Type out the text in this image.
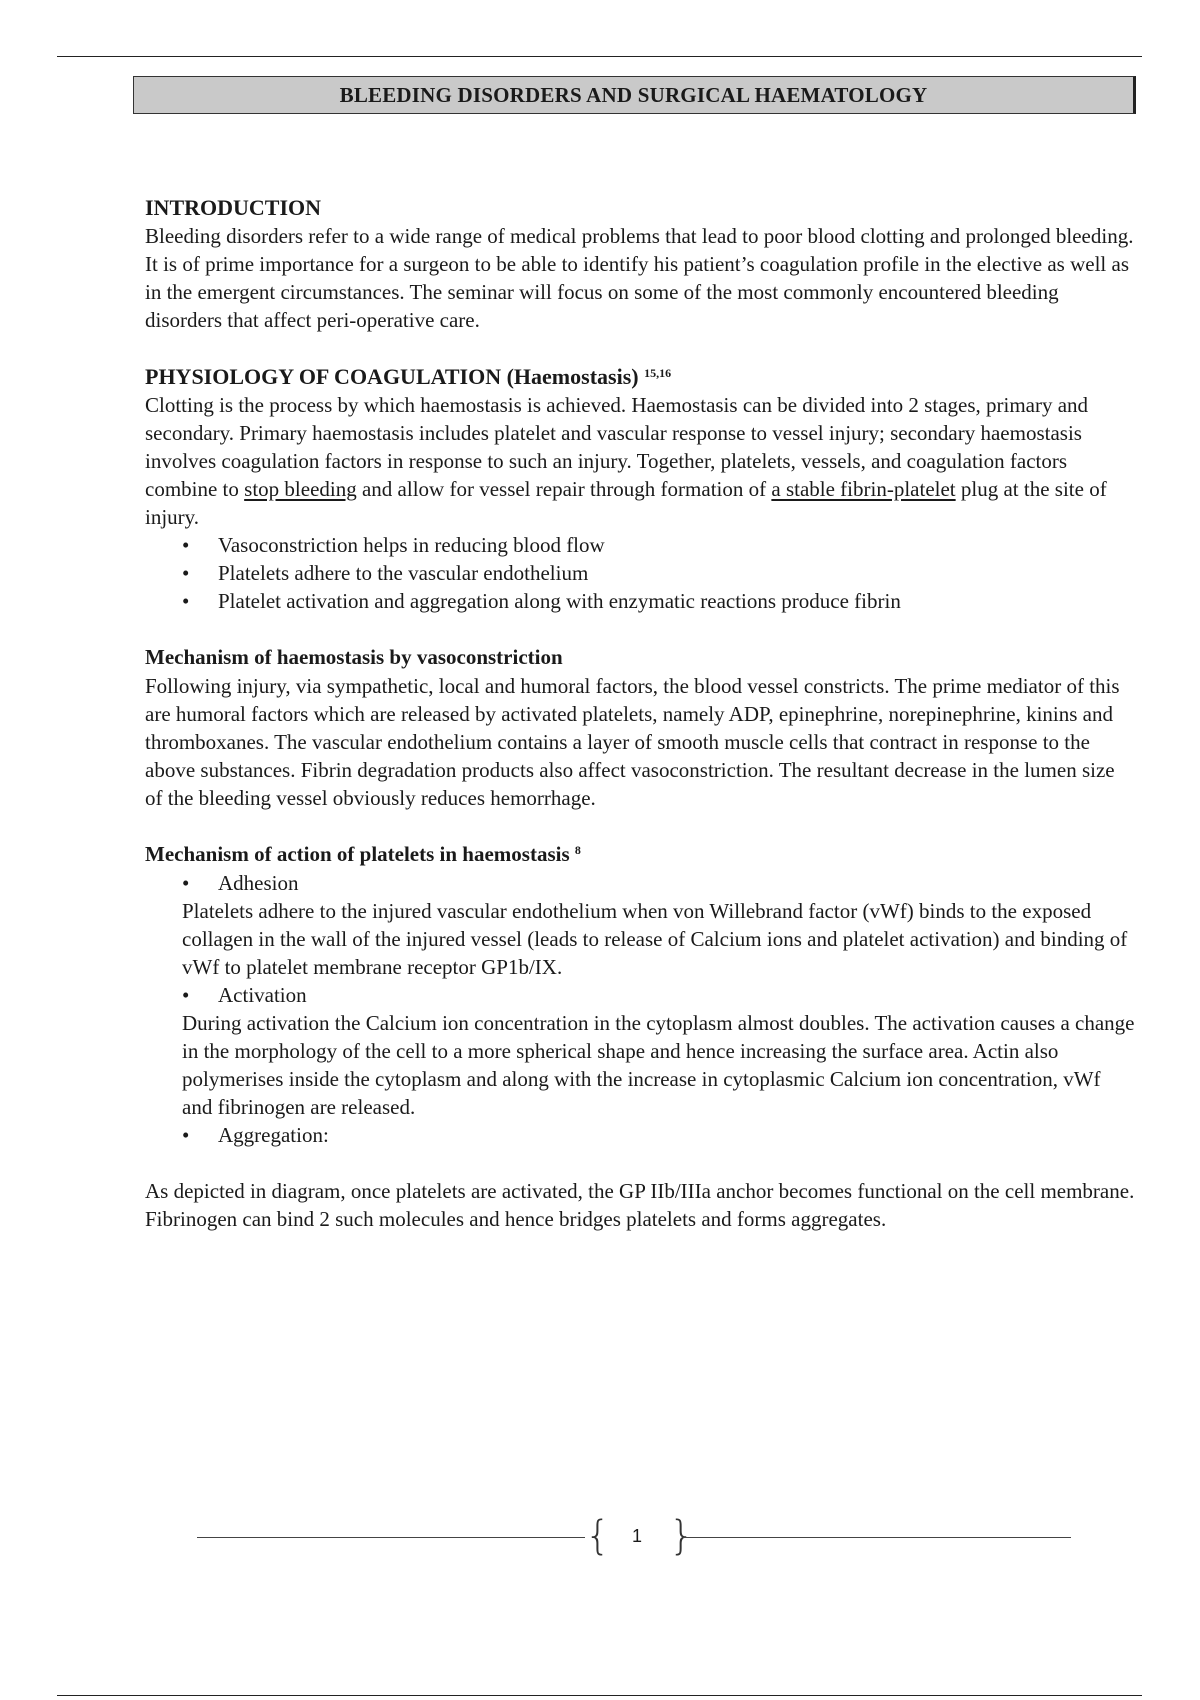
BLEEDING DISORDERS AND SURGICAL HAEMATOLOGY
INTRODUCTION

Bleeding disorders refer to a wide range of medical problems that lead to poor blood clotting and prolonged bleeding. It is of prime importance for a surgeon to be able to identify his patient’s coagulation profile in the elective as well as in the emergent circumstances. The seminar will focus on some of the most commonly encountered bleeding disorders that affect peri-operative care.

PHYSIOLOGY OF COAGULATION (Haemostasis) $^{15,16}$

Clotting is the process by which haemostasis is achieved. Haemostasis can be divided into 2 stages, primary and secondary. Primary haemostasis includes platelet and vascular response to vessel injury; secondary haemostasis involves coagulation factors in response to such an injury. Together, platelets, vessels, and coagulation factors combine to stop bleeding and allow for vessel repair through formation of a stable fibrin-platelet plug at the site of injury.

• Vasoconstriction helps in reducing blood flow
• Platelets adhere to the vascular endothelium
• Platelet activation and aggregation along with enzymatic reactions produce fibrin
Mechanism of haemostasis by vasoconstriction

Following injury, via sympathetic, local and humoral factors, the blood vessel constricts. The prime mediator of this are humoral factors which are released by activated platelets, namely ADP, epinephrine, norepinephrine, kinins and thromboxanes. The vascular endothelium contains a layer of smooth muscle cells that contract in response to the above substances. Fibrin degradation products also affect vasoconstriction. The resultant decrease in the lumen size of the bleeding vessel obviously reduces hemorrhage.

Mechanism of action of platelets in haemostasis $^8$
• Adhesion

Platelets adhere to the injured vascular endothelium when von Willebrand factor (vWf) binds to the exposed collagen in the wall of the injured vessel (leads to release of Calcium ions and platelet activation) and binding of vWf to platelet membrane receptor GP1b/IX.

• Activation

During activation the Calcium ion concentration in the cytoplasm almost doubles. The activation causes a change in the morphology of the cell to a more spherical shape and hence increasing the surface area. Actin also polymerises inside the cytoplasm and along with the increase in cytoplasmic Calcium ion concentration, vWf and fibrinogen are released.

• Aggregation:

As depicted in diagram, once platelets are activated, the GP IIb/IIIa anchor becomes functional on the cell membrane. Fibrinogen can bind 2 such molecules and hence bridges platelets and forms aggregates.

{	1 }
